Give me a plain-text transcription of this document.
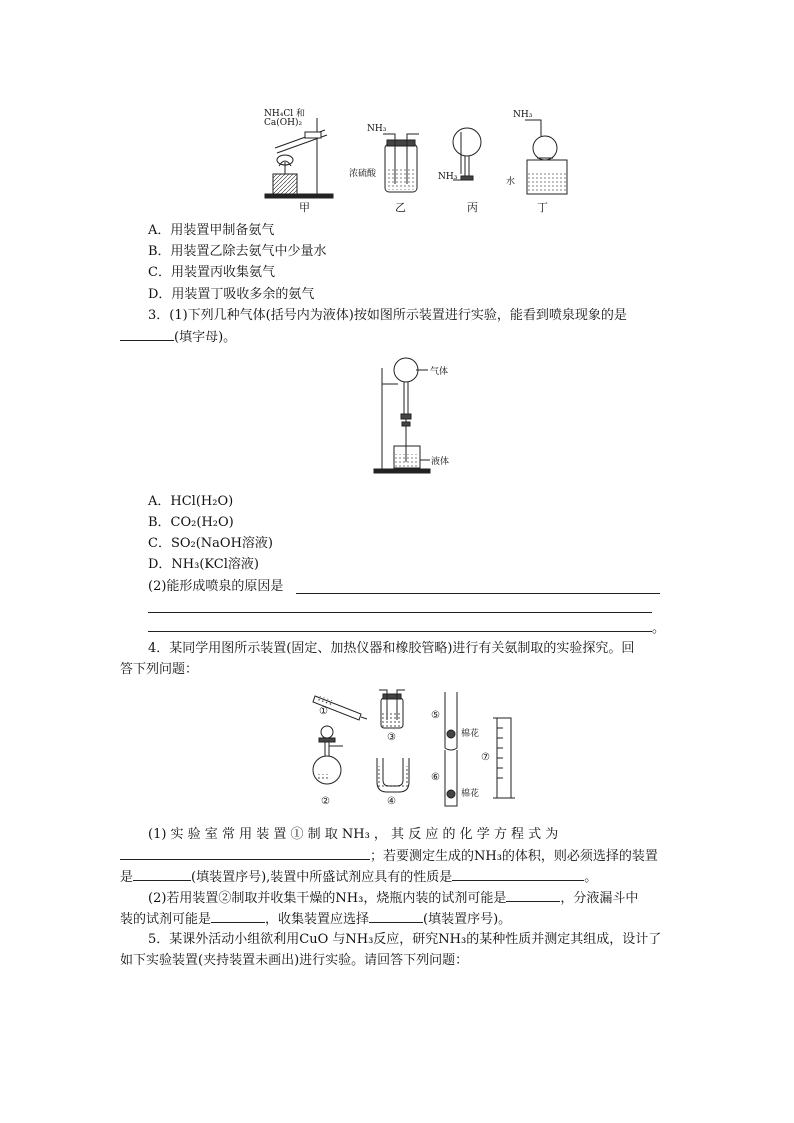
NH₄Cl 和
Ca(OH)₂
NH₃
浓硫酸	NH₃
NH₃
水
甲	乙	丙	丁
A．用装置甲制备氨气
B．用装置乙除去氨气中少量水
C．用装置丙收集氨气
D．用装置丁吸收多余的氨气
3．(1)下列几种气体(括号内为液体)按如图所示装置进行实验，能看到喷泉现象的是
(填字母)。
气体
液体
A．HCl(H₂O)
B．CO₂(H₂O)
C．SO₂(NaOH溶液)
D．NH₃(KCl溶液)
(2)能形成喷泉的原因是
。
4．某同学用图所示装置(固定、加热仪器和橡胶管略)进行有关氨制取的实验探究。回
答下列问题：
①
②
③
④
⑤
⑥
⑦
棉花
棉花
(1) 实 验 室 常 用 装 置 ① 制 取 NH₃ ， 其 反 应 的 化 学 方 程 式 为
；若要测定生成的NH₃的体积，则必须选择的装置
是	(填装置序号),装置中所盛试剂应具有的性质是	。
(2)若用装置②制取并收集干燥的NH₃，烧瓶内装的试剂可能是	，分液漏斗中
装的试剂可能是	，收集装置应选择	(填装置序号)。
5．某课外活动小组欲利用CuO 与NH₃反应，研究NH₃的某种性质并测定其组成，设计了
如下实验装置(夹持装置未画出)进行实验。请回答下列问题：
